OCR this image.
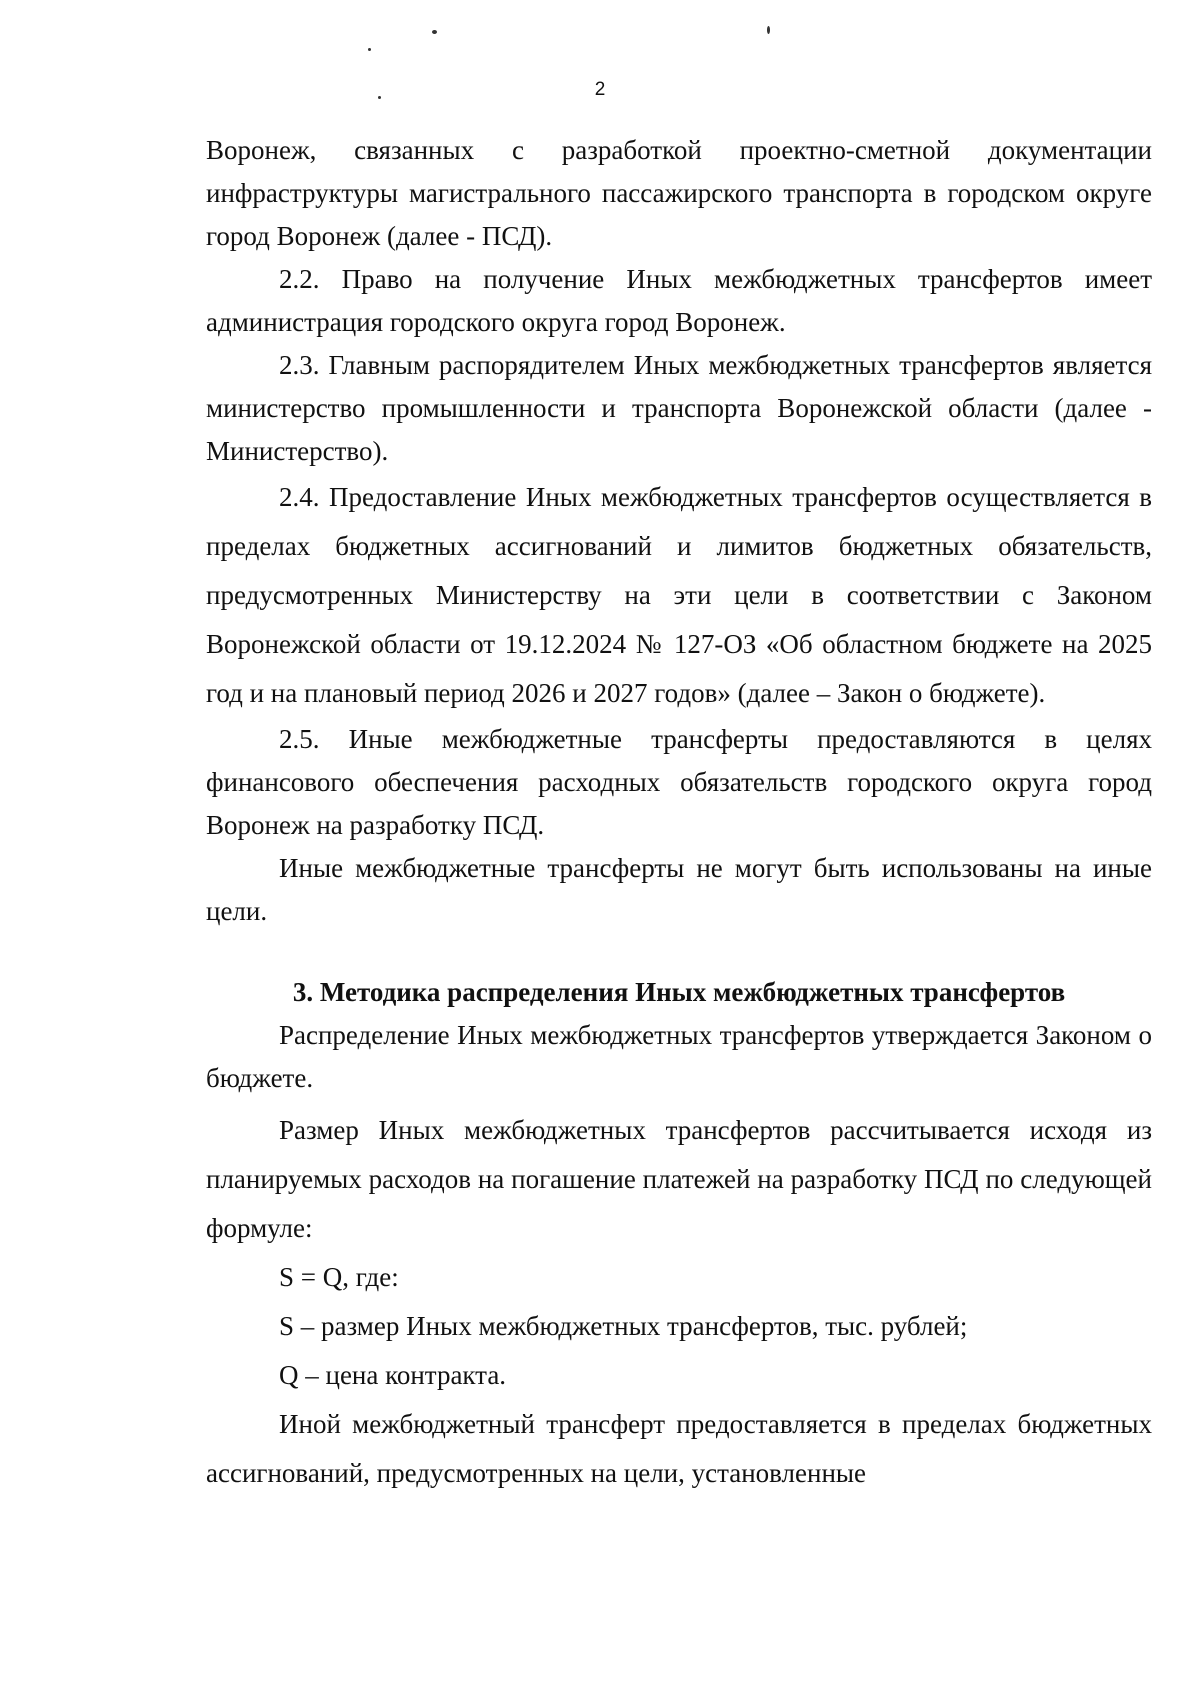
2

Воронеж, связанных с разработкой проектно-сметной документации инфраструктуры магистрального пассажирского транспорта в городском округе город Воронеж (далее - ПСД).

2.2. Право на получение Иных межбюджетных трансфертов имеет администрация городского округа город Воронеж.

2.3. Главным распорядителем Иных межбюджетных трансфертов является министерство промышленности и транспорта Воронежской области (далее - Министерство).

2.4. Предоставление Иных межбюджетных трансфертов осуществляется в пределах бюджетных ассигнований и лимитов бюджетных обязательств, предусмотренных Министерству на эти цели в соответствии с Законом Воронежской области от 19.12.2024 № 127-ОЗ «Об областном бюджете на 2025 год и на плановый период 2026 и 2027 годов» (далее – Закон о бюджете).

2.5. Иные межбюджетные трансферты предоставляются в целях финансового обеспечения расходных обязательств городского округа город Воронеж на разработку ПСД.

Иные межбюджетные трансферты не могут быть использованы на иные цели.

3. Методика распределения Иных межбюджетных трансфертов

Распределение Иных межбюджетных трансфертов утверждается Законом о бюджете.

Размер Иных межбюджетных трансфертов рассчитывается исходя из планируемых расходов на погашение платежей на разработку ПСД по следующей формуле:

S = Q, где:

S – размер Иных межбюджетных трансфертов, тыс. рублей;

Q – цена контракта.

Иной межбюджетный трансферт предоставляется в пределах бюджетных ассигнований, предусмотренных на цели, установленные
